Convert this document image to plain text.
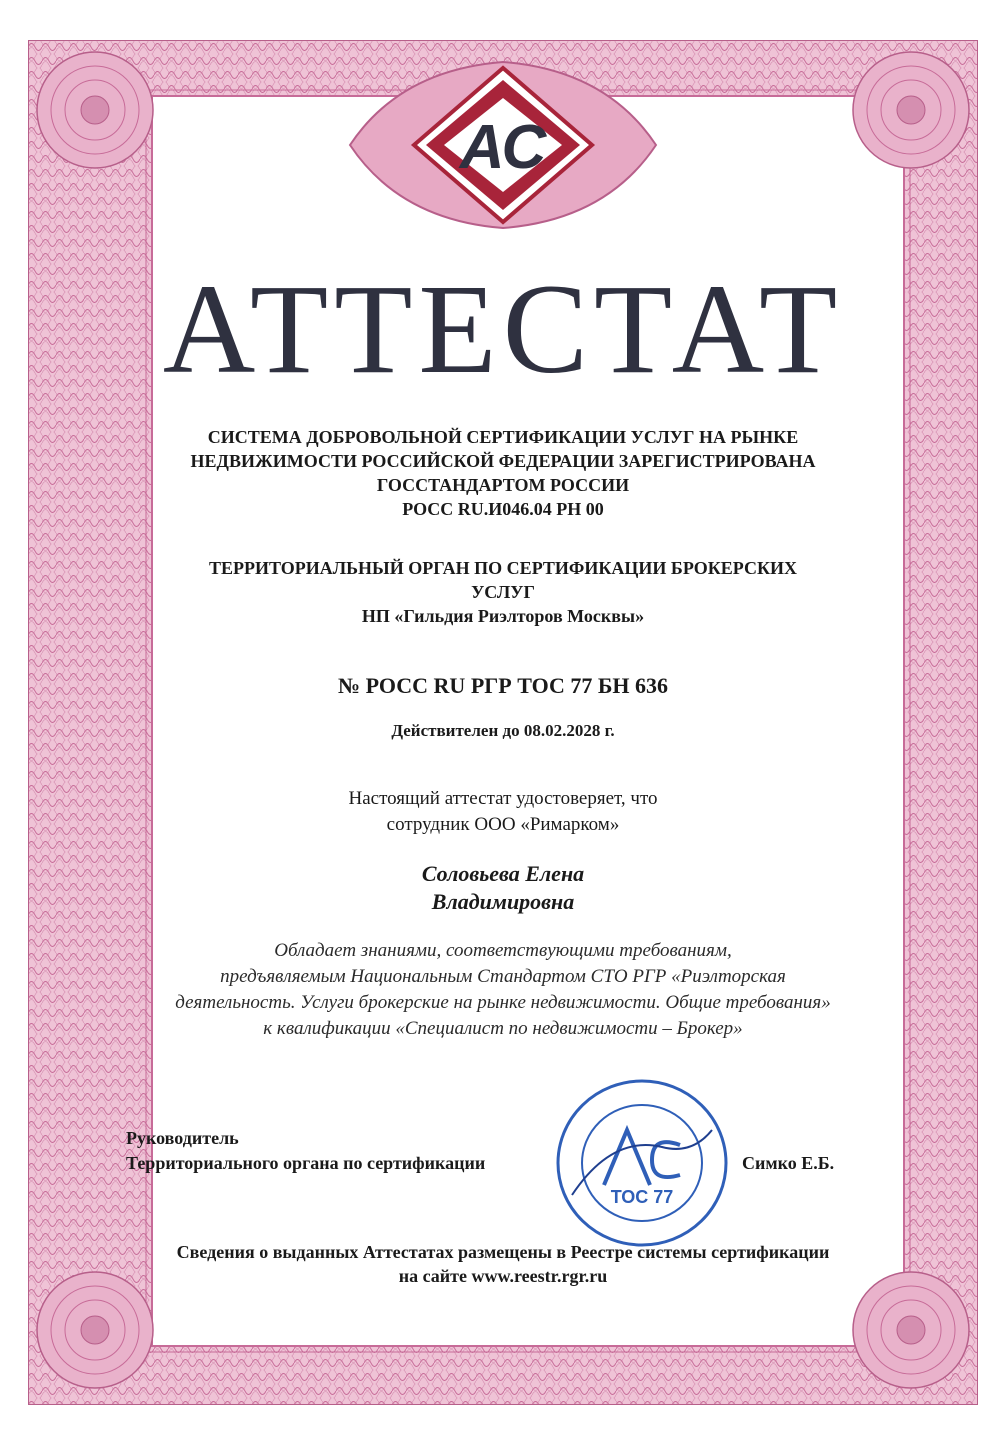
АС

АТТЕСТАТ

СИСТЕМА ДОБРОВОЛЬНОЙ СЕРТИФИКАЦИИ УСЛУГ НА РЫНКЕ

НЕДВИЖИМОСТИ РОССИЙСКОЙ ФЕДЕРАЦИИ ЗАРЕГИСТРИРОВАНА

ГОССТАНДАРТОМ РОССИИ

РОСС RU.И046.04 РН 00

ТЕРРИТОРИАЛЬНЫЙ ОРГАН ПО СЕРТИФИКАЦИИ БРОКЕРСКИХ

УСЛУГ

НП «Гильдия Риэлторов Москвы»

№ РОСС RU РГР ТОС 77 БН 636

Действителен до 08.02.2028 г.

Настоящий аттестат удостоверяет, что

сотрудник ООО «Римарком»

Соловьева Елена

Владимировна

Обладает знаниями, соответствующими требованиям,

предъявляемым Национальным Стандартом СТО РГР «Риэлторская

деятельность. Услуги брокерские на рынке недвижимости. Общие требования»

к квалификации «Специалист по недвижимости – Брокер»

Руководитель

Территориального органа по сертификации	Симко Е.Б.

ТОС 77

Сведения о выданных Аттестатах размещены в Реестре системы сертификации

на сайте www.reestr.rgr.ru
